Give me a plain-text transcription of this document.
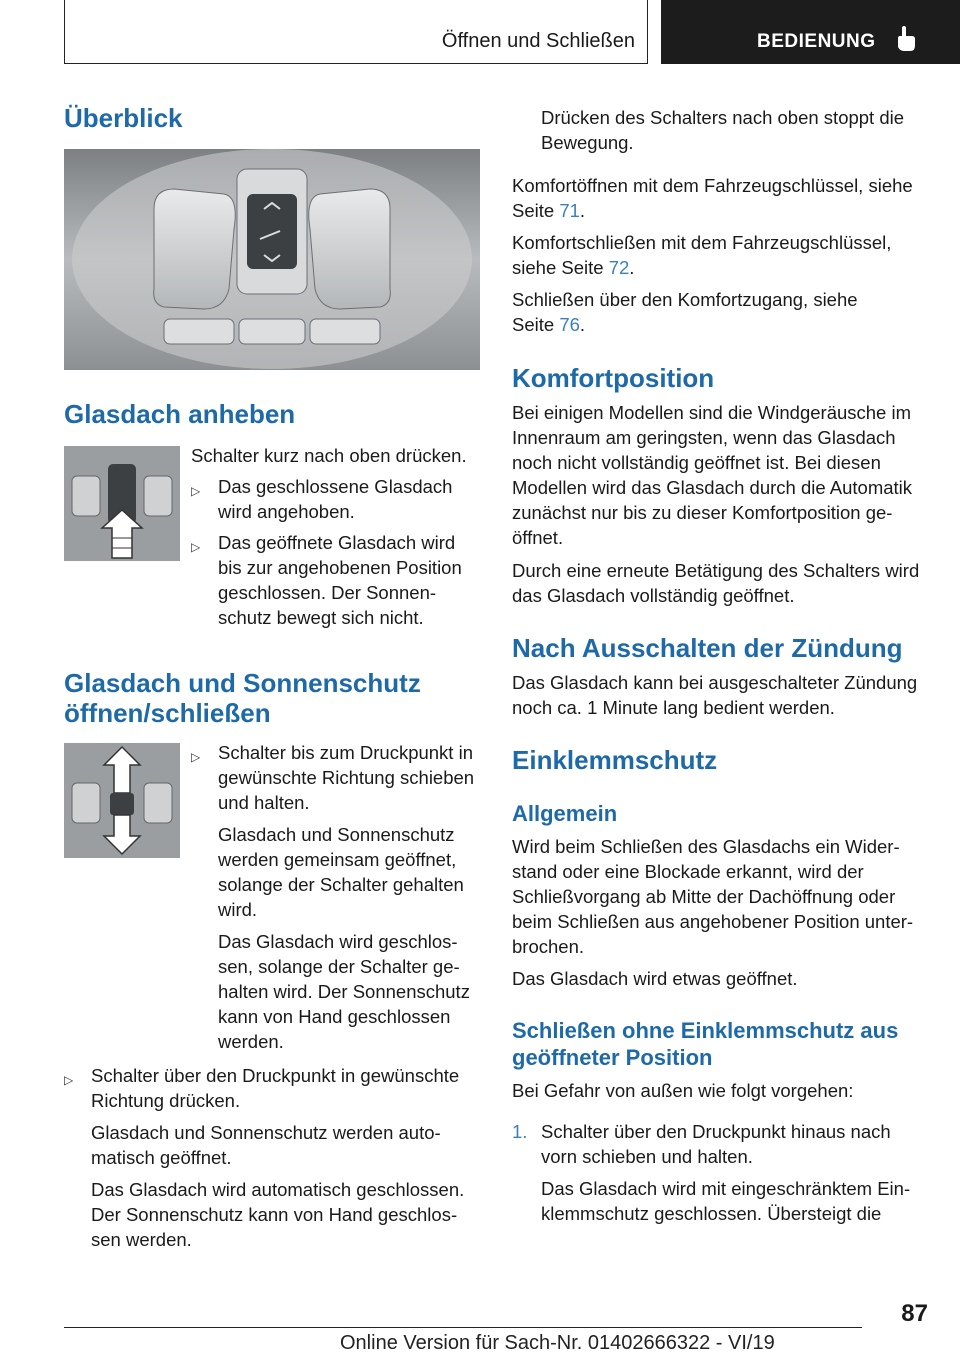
Öffnen und Schließen	BEDIENUNG
Überblick
Glasdach anheben

Schalter kurz nach oben drücken.

▷ Das geschlossene Glasdach wird angehoben.

▷ Das geöffnete Glasdach wird bis zur angehobenen Position geschlossen. Der Sonnen-schutz bewegt sich nicht.

Glasdach und Sonnenschutz öffnen/schließen
▷ Schalter bis zum Druckpunkt in gewünschte Richtung schieben und halten.

Glasdach und Sonnenschutz werden gemeinsam geöffnet, solange der Schalter gehalten wird.

Das Glasdach wird geschlos-sen, solange der Schalter ge-halten wird. Der Sonnenschutz kann von Hand geschlossen werden.

▷ Schalter über den Druckpunkt in gewünschte Richtung drücken.

Glasdach und Sonnenschutz werden auto-matisch geöffnet.

Das Glasdach wird automatisch geschlossen. Der Sonnenschutz kann von Hand geschlos-sen werden.

Drücken des Schalters nach oben stoppt die Bewegung.

Komfortöffnen mit dem Fahrzeugschlüssel, siehe Seite 71.

Komfortschließen mit dem Fahrzeugschlüssel, siehe Seite 72.

Schließen über den Komfortzugang, siehe Seite 76.

Komfortposition

Bei einigen Modellen sind die Windgeräusche im Innenraum am geringsten, wenn das Glasdach noch nicht vollständig geöffnet ist. Bei diesen Modellen wird das Glasdach durch die Automatik zunächst nur bis zu dieser Komfortposition ge-öffnet.

Durch eine erneute Betätigung des Schalters wird das Glasdach vollständig geöffnet.

Nach Ausschalten der Zündung

Das Glasdach kann bei ausgeschalteter Zündung noch ca. 1 Minute lang bedient werden.

Einklemmschutz
Allgemein

Wird beim Schließen des Glasdachs ein Wider-stand oder eine Blockade erkannt, wird der Schließvorgang ab Mitte der Dachöffnung oder beim Schließen aus angehobener Position unter-brochen.

Das Glasdach wird etwas geöffnet.

Schließen ohne Einklemmschutz aus geöffneter Position

Bei Gefahr von außen wie folgt vorgehen:

1. Schalter über den Druckpunkt hinaus nach vorn schieben und halten.

Das Glasdach wird mit eingeschränktem Ein-klemmschutz geschlossen. Übersteigt die

87
Online Version für Sach-Nr. 01402666322 - VI/19
